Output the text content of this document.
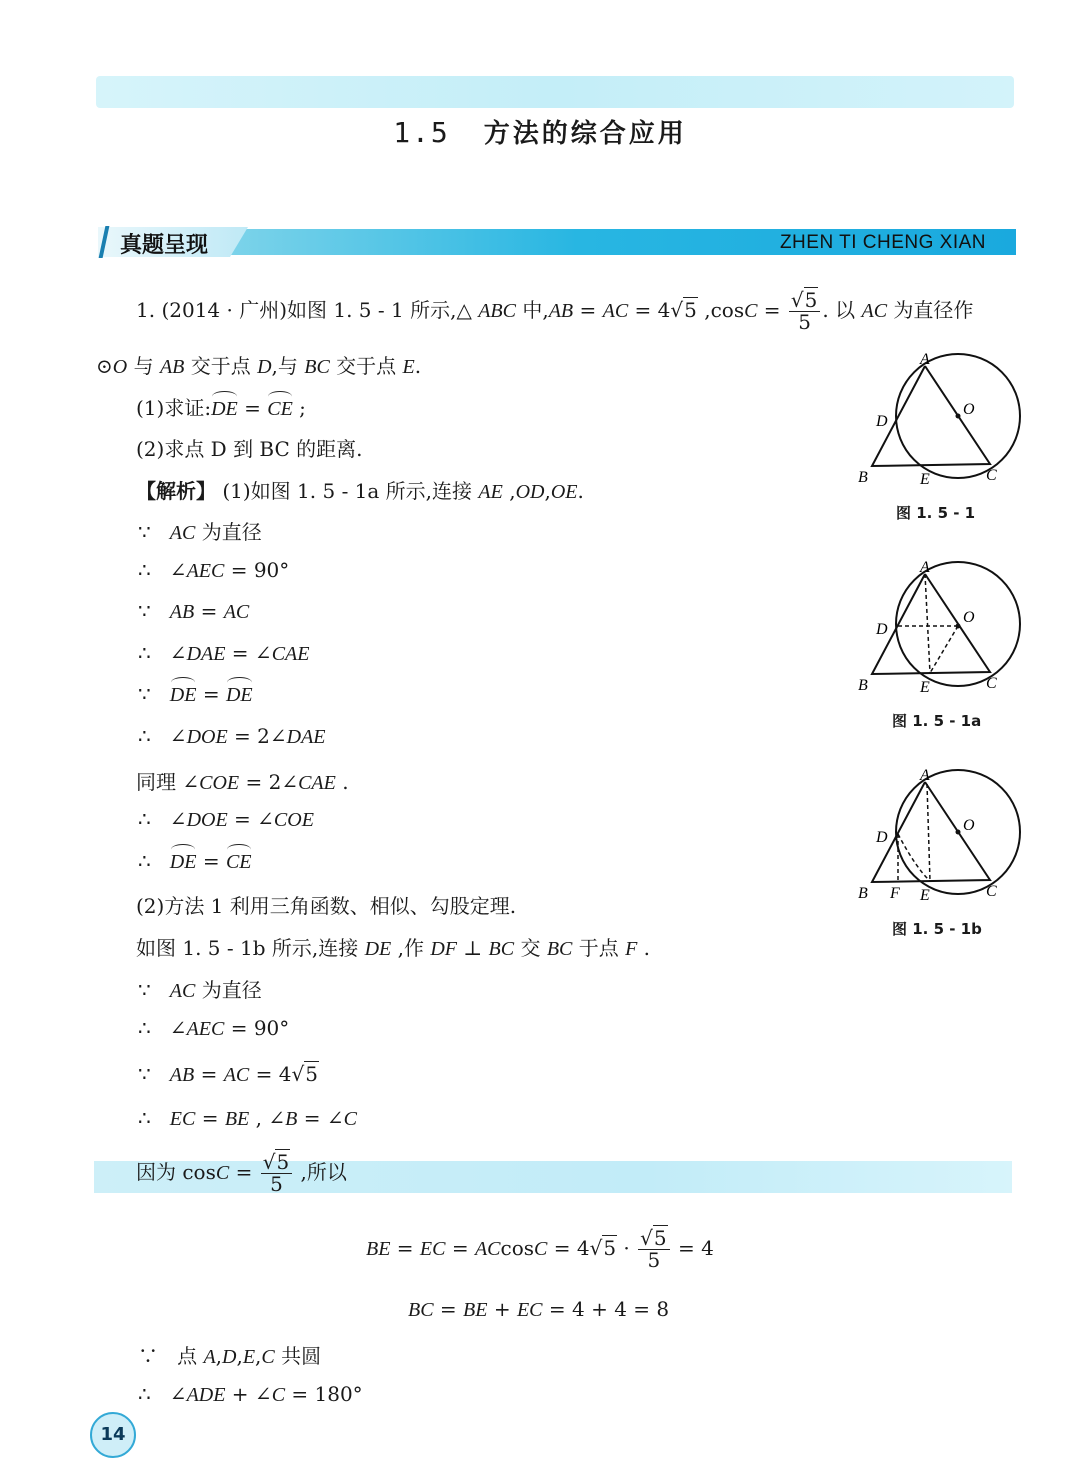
1.5 方法的综合应用
真题呈现	ZHEN TI CHENG XIAN
1. (2014 · 广州)如图 1. 5 - 1 所示,△ ABC 中,AB = AC = 4√5 $,\cos C = \frac{√5}{5}$ . 以 AC 为直径作
⊙O 与 AB 交于点 D,与 BC 交于点 E.
(1)求证:DE = CE ;
(2)求点 D 到 BC 的距离.
【解析】 (1)如图 1. 5 - 1a 所示,连接 AE ,OD,OE.
∵   AC 为直径
∴   ∠AEC = 90°
∵   AB = AC
∴   ∠DAE = ∠CAE
∵   DE = DE
∴   ∠DOE = 2∠DAE
同理 ∠COE = 2∠CAE .
∴   ∠DOE = ∠COE
∴   DE = CE
(2)方法 1 利用三角函数、相似、勾股定理.
如图 1. 5 - 1b 所示,连接 DE ,作 DF ⊥ BC 交 BC 于点 F .
∵   AC 为直径
∴   ∠AEC = 90°
∵   AB = AC = 4√5
∴   EC = BE , ∠B = ∠C
因为 $\cos C = \frac{√5}{5}$ ,所以
BE = EC = $ACcosC = 4√5 \cdot \frac{√5}{5} = 4$
BC = BE + EC = 4 + 4 = 8
∵   点 A,D,E,C 共圆
∴   ∠ADE + ∠C = 180°
A
D
O
B	E	C
图 1. 5 - 1
A
D
O
B	E	C
图 1. 5 - 1a
A
D
O
B F E	C
图 1. 5 - 1b
14
